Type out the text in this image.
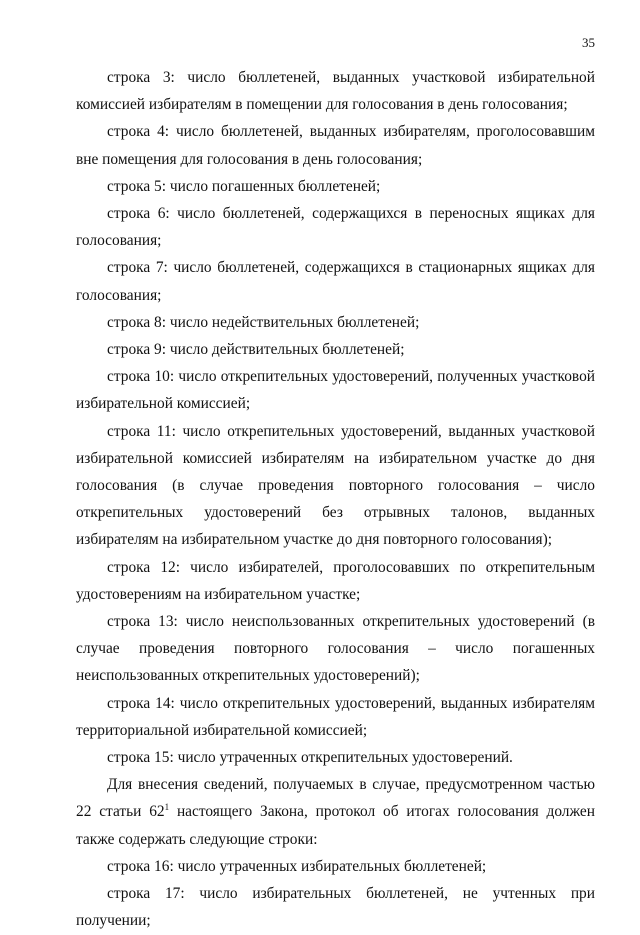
35

строка 3: число бюллетеней, выданных участковой избирательной комиссией избирателям в помещении для голосования в день голосования;

строка 4: число бюллетеней, выданных избирателям, проголосовавшим вне помещения для голосования в день голосования;

строка 5: число погашенных бюллетеней;

строка 6: число бюллетеней, содержащихся в переносных ящиках для голосования;

строка 7: число бюллетеней, содержащихся в стационарных ящиках для голосования;

строка 8: число недействительных бюллетеней;

строка 9: число действительных бюллетеней;

строка 10: число открепительных удостоверений, полученных участковой избирательной комиссией;

строка 11: число открепительных удостоверений, выданных участковой избирательной комиссией избирателям на избирательном участке до дня голосования (в случае проведения повторного голосования – число открепительных удостоверений без отрывных талонов, выданных избирателям на избирательном участке до дня повторного голосования);

строка 12: число избирателей, проголосовавших по открепительным удостоверениям на избирательном участке;

строка 13: число неиспользованных открепительных удостоверений (в случае проведения повторного голосования – число погашенных неиспользованных открепительных удостоверений);

строка 14: число открепительных удостоверений, выданных избирателям территориальной избирательной комиссией;

строка 15: число утраченных открепительных удостоверений.

Для внесения сведений, получаемых в случае, предусмотренном частью 22 статьи $62^1$ настоящего Закона, протокол об итогах голосования должен также содержать следующие строки:

строка 16: число утраченных избирательных бюллетеней;

строка 17: число избирательных бюллетеней, не учтенных при получении;
